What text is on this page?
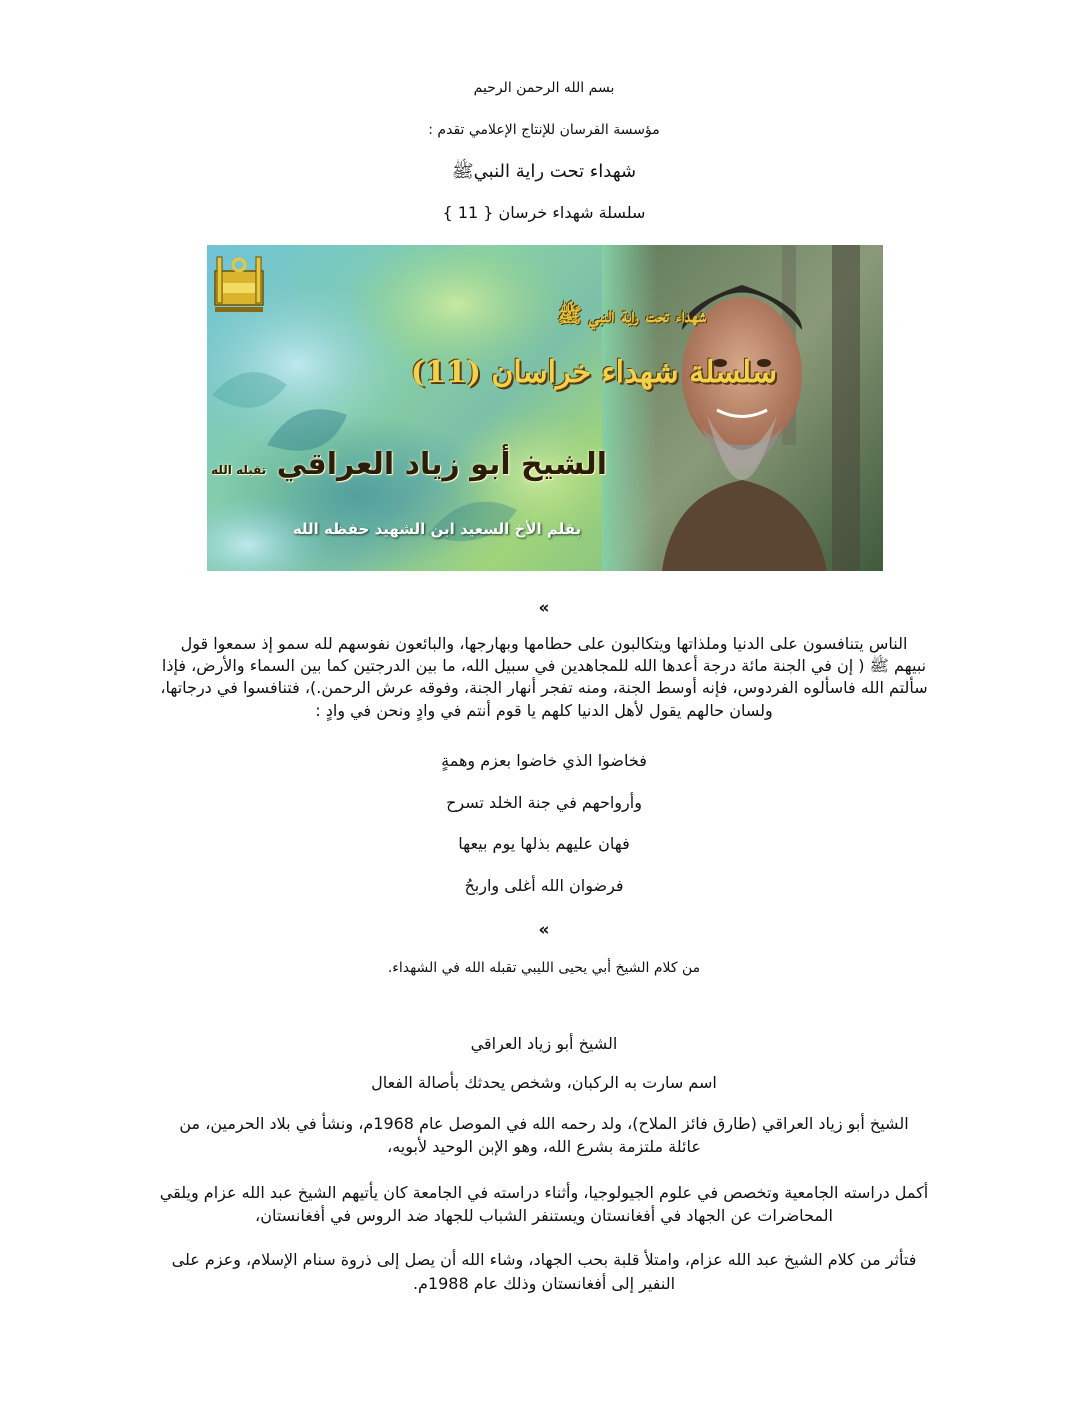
بسم الله الرحمن الرحيم
مؤسسة الفرسان للإنتاج الإعلامي تقدم :
شهداء تحت راية النبيﷺ
سلسلة شهداء خرسان { 11 }
شهداء تحت راية النبي ﷺ
سلسلة شهداء خراسان (11)
الشيخ أبو زياد العراقي تقبله الله
بقلم الأخ السعيد ابن الشهيد حفظه الله
»
الناس يتنافسون على الدنيا وملذاتها ويتكالبون على حطامها وبهارجها، والبائعون نفوسهم لله سمو إذ سمعوا قول
نبيهم ﷺ ( إن في الجنة مائة درجة أعدها الله للمجاهدين في سبيل الله، ما بين الدرجتين كما بين السماء والأرض، فإذا
سألتم الله فاسألوه الفردوس، فإنه أوسط الجنة، ومنه تفجر أنهار الجنة، وفوقه عرش الرحمن.)، فتنافسوا في درجاتها،
ولسان حالهم يقول لأهل الدنيا كلهم يا قوم أنتم في وادٍ ونحن في وادٍ :
فخاضوا الذي خاضوا بعزم وهمةٍ
وأرواحهم في جنة الخلد تسرح
فهان عليهم بذلها يوم بيعها
فرضوان الله أغلى واربحُ
»
من كلام الشيخ أبي يحيى الليبي تقبله الله في الشهداء.
الشيخ أبو زياد العراقي
اسم سارت به الركبان، وشخص يحدثك بأصالة الفعال
الشيخ أبو زياد العراقي (طارق فائز الملاح)، ولد رحمه الله في الموصل عام 1968م، ونشأ في بلاد الحرمين، من
عائلة ملتزمة بشرع الله، وهو الإبن الوحيد لأبويه،
أكمل دراسته الجامعية وتخصص في علوم الجيولوجيا، وأثناء دراسته في الجامعة كان يأتيهم الشيخ عبد الله عزام ويلقي
المحاضرات عن الجهاد في أفغانستان ويستنفر الشباب للجهاد ضد الروس في أفغانستان،
فتأثر من كلام الشيخ عبد الله عزام، وامتلأ قلبة بحب الجهاد، وشاء الله أن يصل إلى ذروة سنام الإسلام، وعزم على
النفير إلى أفغانستان وذلك عام 1988م.
